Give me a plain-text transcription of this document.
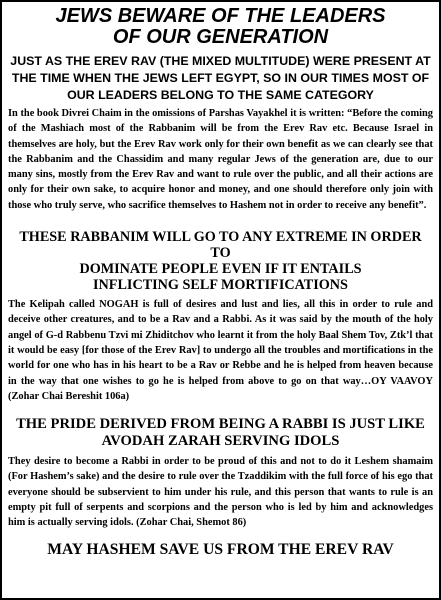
JEWS BEWARE OF THE LEADERS
OF OUR GENERATION
JUST AS THE EREV RAV (THE MIXED MULTITUDE) WERE PRESENT AT
THE TIME WHEN THE JEWS LEFT EGYPT, SO IN OUR TIMES MOST OF
OUR LEADERS BELONG TO THE SAME CATEGORY

In the book Divrei Chaim in the omissions of Parshas Vayakhel it is written: “Before the coming of the Mashiach most of the Rabbanim will be from the Erev Rav etc. Because Israel in themselves are holy, but the Erev Rav work only for their own benefit as we can clearly see that the Rabbanim and the Chassidim and many regular Jews of the generation are, due to our many sins, mostly from the Erev Rav and want to rule over the public, and all their actions are only for their own sake, to acquire honor and money, and one should therefore only join with those who truly serve, who sacrifice themselves to Hashem not in order to receive any benefit”.

THESE RABBANIM WILL GO TO ANY EXTREME IN ORDER TO
DOMINATE PEOPLE EVEN IF IT ENTAILS
INFLICTING SELF MORTIFICATIONS

The Kelipah called NOGAH is full of desires and lust and lies, all this in order to rule and deceive other creatures, and to be a Rav and a Rabbi. As it was said by the mouth of the holy angel of G-d Rabbenu Tzvi mi Zhiditchov who learnt it from the holy Baal Shem Tov, Ztk’l that it would be easy [for those of the Erev Rav] to undergo all the troubles and mortifications in the world for one who has in his heart to be a Rav or Rebbe and he is helped from heaven because in the way that one wishes to go he is helped from above to go on that way…OY VAAVOY (Zohar Chai Bereshit 106a)

THE PRIDE DERIVED FROM BEING A RABBI IS JUST LIKE
AVODAH ZARAH SERVING IDOLS

They desire to become a Rabbi in order to be proud of this and not to do it Leshem shamaim (For Hashem’s sake) and the desire to rule over the Tzaddikim with the full force of his ego that everyone should be subservient to him under his rule, and this person that wants to rule is an empty pit full of serpents and scorpions and the person who is led by him and acknowledges him is actually serving idols. (Zohar Chai, Shemot 86)

MAY HASHEM SAVE US FROM THE EREV RAV
